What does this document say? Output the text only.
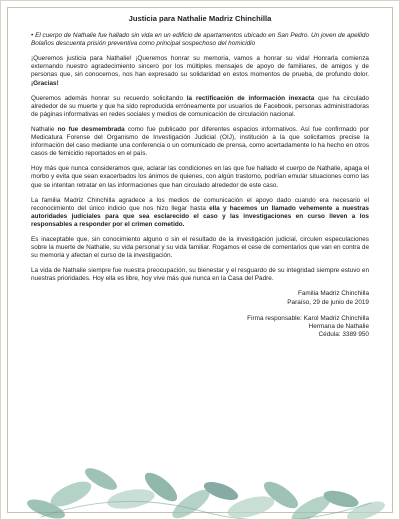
Justicia para Nathalie Madriz Chinchilla

• El cuerpo de Nathalie fue hallado sin vida en un edificio de apartamentos ubicado en San Pedro. Un joven de apellido Bolaños descuenta prisión preventiva como principal sospechoso del homicidio

¡Queremos justicia para Nathalie! ¡Queremos honrar su memoria, vamos a honrar su vida! Honrarla comienza externando nuestro agradecimiento sincero por los múltiples mensajes de apoyo de familiares, de amigos y de personas que, sin conocernos, nos han expresado su solidaridad en estos momentos de prueba, de profundo dolor. ¡Gracias!

Queremos además honrar su recuerdo solicitando la rectificación de información inexacta que ha circulado alrededor de su muerte y que ha sido reproducida erróneamente por usuarios de Facebook, personas administradoras de páginas informativas en redes sociales y medios de comunicación de circulación nacional.

Nathalie no fue desmembrada como fue publicado por diferentes espacios informativos. Así fue confirmado por Medicatura Forense del Organismo de Investigación Judicial (OIJ), institución a la que solicitamos precise la información del caso mediante una conferencia o un comunicado de prensa, como acertadamente lo ha hecho en otros casos de femicidio reportados en el país.

Hoy más que nunca consideramos que, aclarar las condiciones en las que fue hallado el cuerpo de Nathalie, apaga el morbo y evita que sean exacerbados los ánimos de quienes, con algún trastorno, podrían emular situaciones como las que se intentan retratar en las informaciones que han circulado alrededor de este caso.

La familia Madriz Chinchilla agradece a los medios de comunicación el apoyo dado cuando era necesario el reconocimiento del único indicio que nos hizo llegar hasta ella y hacemos un llamado vehemente a nuestras autoridades judiciales para que sea esclarecido el caso y las investigaciones en curso lleven a los responsables a responder por el crimen cometido.

Es inaceptable que, sin conocimiento alguno o sin el resultado de la investigación judicial, circulen especulaciones sobre la muerte de Nathalie, su vida personal y su vida familiar. Rogamos el cese de comentarios que van en contra de su memoria y afectan el curso de la investigación.

La vida de Nathalie siempre fue nuestra preocupación, su bienestar y el resguardo de su integridad siempre estuvo en nuestras prioridades. Hoy ella es libre, hoy vive más que nunca en la Casa del Padre.

Familia Madriz Chinchilla

Paraíso, 29 de junio de 2019

Firma responsable: Karol Madriz Chinchilla

Hermana de Nathalie

Cédula: 3389 950
